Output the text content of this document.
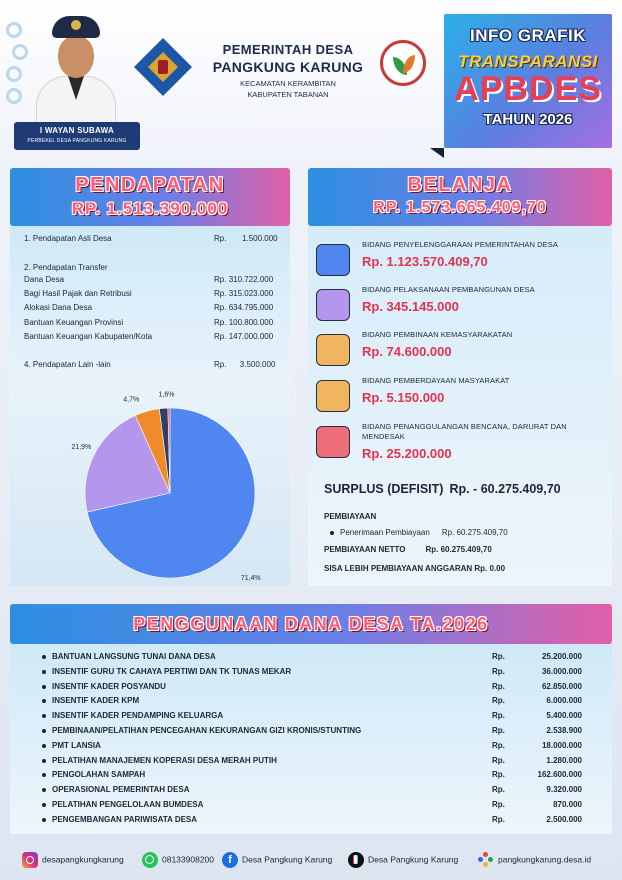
I WAYAN SUBAWA
PERBEKEL DESA PANGKUNG KARUNG
PEMERINTAH DESA
PANGKUNG KARUNG
KECAMATAN KERAMBITAN
KABUPATEN TABANAN
INFO GRAFIK
TRANSPARANSI
APBDES
TAHUN 2026
PENDAPATAN
RP. 1.513.390.000
1. Pendapatan Asli Desa	Rp. 1.500.000
2. Pendapatan Transfer
Dana Desa	Rp. 310.722.000
Bagi Hasil Pajak dan Retribusi	Rp. 315.023.000
Alokasi Dana Desa	Rp. 634.795.000
Bantuan Keuangan Provinsi	Rp. 100.800.000
Bantuan Keuangan Kabupaten/Kota	Rp. 147.000.000
4. Pendapatan Lain -lain	Rp. 3.500.000
71,4%
21,9%
4,7%
1,6%
BELANJA
RP. 1.573.665.409,70
BIDANG PENYELENGGARAAN PEMERINTAHAN DESA
Rp. 1.123.570.409,70
BIDANG PELAKSANAAN PEMBANGUNAN DESA
Rp. 345.145.000
BIDANG PEMBINAAN KEMASYARAKATAN
Rp. 74.600.000
BIDANG PEMBERDAYAAN MASYARAKAT
Rp. 5.150.000
BIDANG PENANGGULANGAN BENCANA, DARURAT DAN MENDESAK
Rp. 25.200.000
SURPLUS (DEFISIT) Rp. - 60.275.409,70
PEMBIAYAAN
Penerimaan Pembiayaan Rp. 60.275.409,70
PEMBIAYAAN NETTO	Rp. 60.275.409,70
SISA LEBIH PEMBIAYAAN ANGGARAN Rp. 0.00
PENGGUNAAN DANA DESA TA.2026
BANTUAN LANGSUNG TUNAI DANA DESA	Rp.	25.200.000
INSENTIF GURU TK CAHAYA PERTIWI DAN TK TUNAS MEKAR	Rp.	36.000.000
INSENTIF KADER POSYANDU	Rp.	62.850.000
INSENTIF KADER KPM	Rp.	6.000.000
INSENTIF KADER PENDAMPING KELUARGA	Rp.	5.400.000
PEMBINAAN/PELATIHAN PENCEGAHAN KEKURANGAN GIZI KRONIS/STUNTING	Rp.	2.538.900
PMT LANSIA	Rp.	18.000.000
PELATIHAN MANAJEMEN KOPERASI DESA MERAH PUTIH	Rp.	1.280.000
PENGOLAHAN SAMPAH	Rp.	162.600.000
OPERASIONAL PEMERINTAH DESA	Rp.	9.320.000
PELATIHAN PENGELOLAAN BUMDESA	Rp.	870.000
PENGEMBANGAN PARIWISATA DESA	Rp.	2.500.000
desapangkungkarung	08133908200	f Desa Pangkung Karung	Desa Pangkung Karung	pangkungkarung.desa.id
